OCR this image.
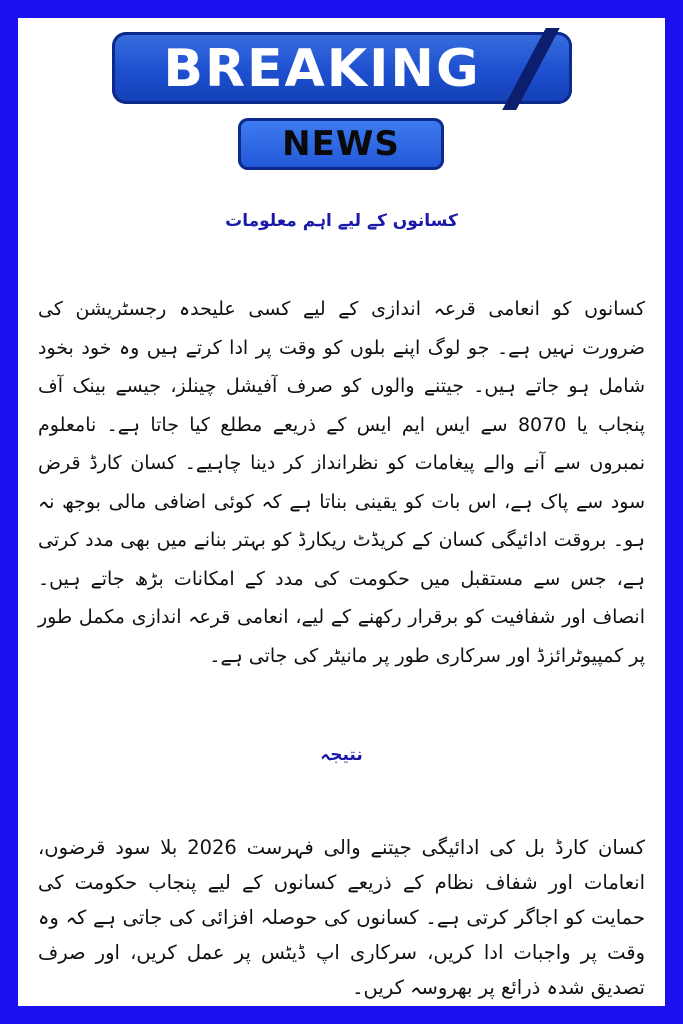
BREAKING
NEWS
کسانوں کے لیے اہم معلومات
کسانوں کو انعامی قرعہ اندازی کے لیے کسی علیحدہ رجسٹریشن کی ضرورت نہیں ہے۔ جو لوگ اپنے بلوں کو وقت پر ادا کرتے ہیں وہ خود بخود شامل ہو جاتے ہیں۔ جیتنے والوں کو صرف آفیشل چینلز، جیسے بینک آف پنجاب یا 8070 سے ایس ایم ایس کے ذریعے مطلع کیا جاتا ہے۔ نامعلوم نمبروں سے آنے والے پیغامات کو نظرانداز کر دینا چاہیے۔ کسان کارڈ قرض سود سے پاک ہے، اس بات کو یقینی بناتا ہے کہ کوئی اضافی مالی بوجھ نہ ہو۔ بروقت ادائیگی کسان کے کریڈٹ ریکارڈ کو بہتر بنانے میں بھی مدد کرتی ہے، جس سے مستقبل میں حکومت کی مدد کے امکانات بڑھ جاتے ہیں۔ انصاف اور شفافیت کو برقرار رکھنے کے لیے، انعامی قرعہ اندازی مکمل طور پر کمپیوٹرائزڈ اور سرکاری طور پر مانیٹر کی جاتی ہے۔
نتیجہ
کسان کارڈ بل کی ادائیگی جیتنے والی فہرست 2026 بلا سود قرضوں، انعامات اور شفاف نظام کے ذریعے کسانوں کے لیے پنجاب حکومت کی حمایت کو اجاگر کرتی ہے۔ کسانوں کی حوصلہ افزائی کی جاتی ہے کہ وہ وقت پر واجبات ادا کریں، سرکاری اپ ڈیٹس پر عمل کریں، اور صرف تصدیق شدہ ذرائع پر بھروسہ کریں۔
